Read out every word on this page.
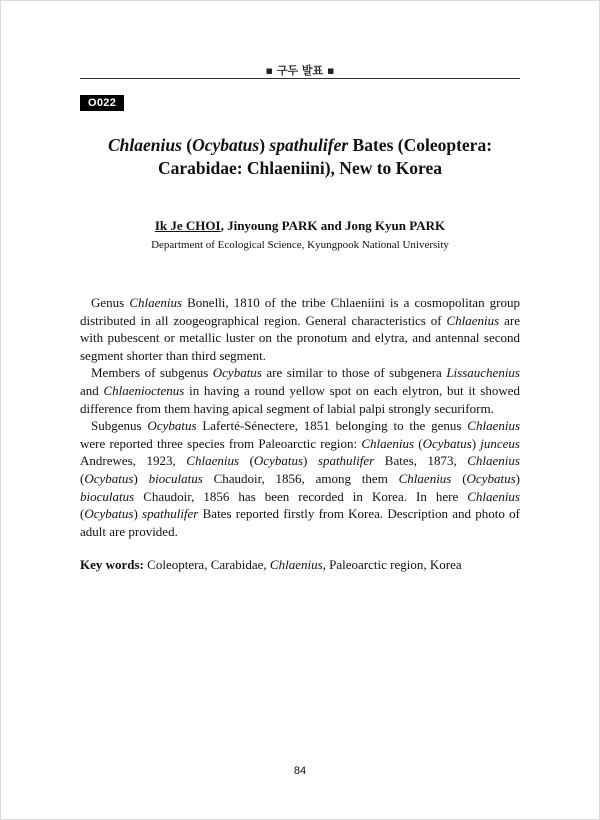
▪ 구두 발표 ▪
O022
Chlaenius (Ocybatus) spathulifer Bates (Coleoptera: Carabidae: Chlaeniini), New to Korea
Ik Je CHOI, Jinyoung PARK and Jong Kyun PARK
Department of Ecological Science, Kyungpook National University

Genus Chlaenius Bonelli, 1810 of the tribe Chlaeniini is a cosmopolitan group distributed in all zoogeographical region. General characteristics of Chlaenius are with pubescent or metallic luster on the pronotum and elytra, and antennal second segment shorter than third segment.

Members of subgenus Ocybatus are similar to those of subgenera Lissauchenius and Chlaenioctenus in having a round yellow spot on each elytron, but it showed difference from them having apical segment of labial palpi strongly securiform.

Subgenus Ocybatus Laferté-Sénectere, 1851 belonging to the genus Chlaenius were reported three species from Paleoarctic region: Chlaenius (Ocybatus) junceus Andrewes, 1923, Chlaenius (Ocybatus) spathulifer Bates, 1873, Chlaenius (Ocybatus) bioculatus Chaudoir, 1856, among them Chlaenius (Ocybatus) bioculatus Chaudoir, 1856 has been recorded in Korea. In here Chlaenius (Ocybatus) spathulifer Bates reported firstly from Korea. Description and photo of adult are provided.

Key words: Coleoptera, Carabidae, Chlaenius, Paleoarctic region, Korea
84
